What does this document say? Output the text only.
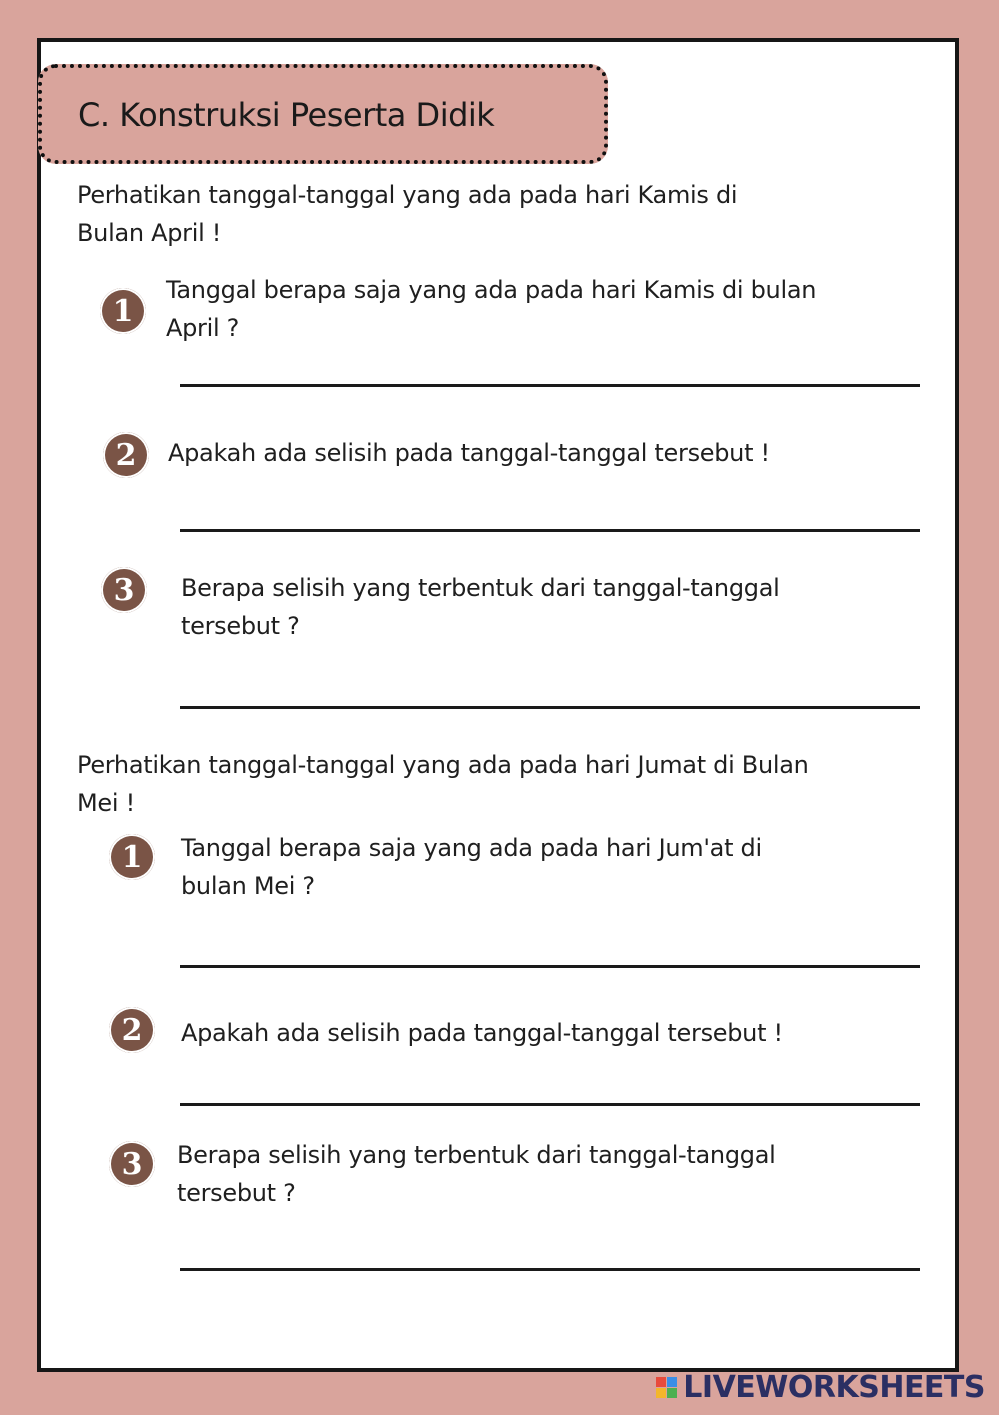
C. Konstruksi Peserta Didik
Perhatikan tanggal-tanggal yang ada pada hari Kamis di
Bulan April !
1
Tanggal berapa saja yang ada pada hari Kamis di bulan
April ?
2	Apakah ada selisih pada tanggal-tanggal tersebut !
3	Berapa selisih yang terbentuk dari tanggal-tanggal
tersebut ?
Perhatikan tanggal-tanggal yang ada pada hari Jumat di Bulan
Mei !
1	Tanggal berapa saja yang ada pada hari Jum'at di
bulan Mei ?
2	Apakah ada selisih pada tanggal-tanggal tersebut !
3	Berapa selisih yang terbentuk dari tanggal-tanggal
tersebut ?
LIVEWORKSHEETS
